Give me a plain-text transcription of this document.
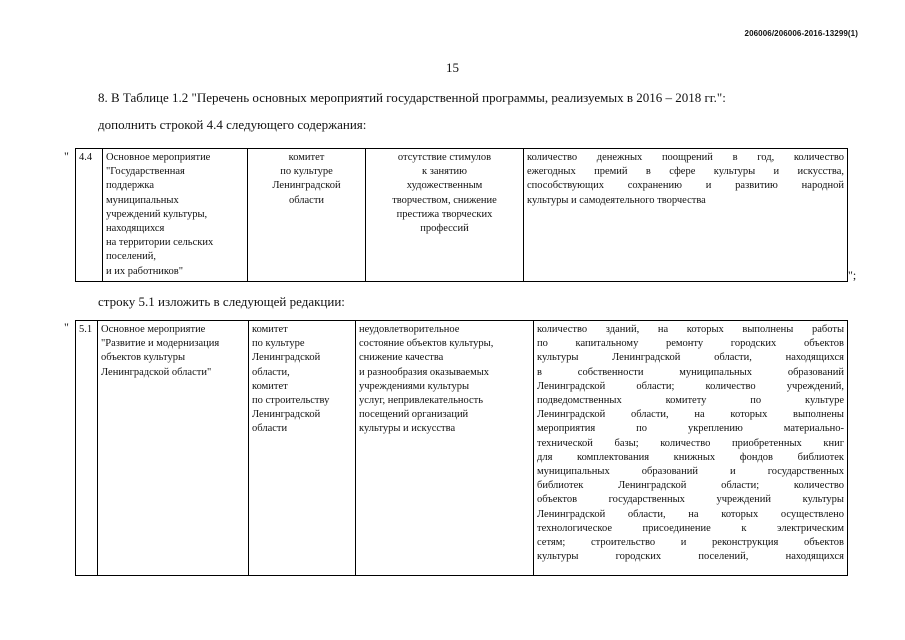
206006/206006-2016-13299(1)
15
8. В Таблице 1.2 "Перечень основных мероприятий государственной программы, реализуемых в 2016 – 2018 гг.":
дополнить строкой 4.4 следующего содержания:
" 4.4	Основное мероприятие
"Государственная
поддержка
муниципальных
учреждений культуры,
находящихся
на территории сельских
поселений,
и их работников"

комитет
по культуре
Ленинградской
области

отсутствие стимулов
к занятию
художественным
творчеством, снижение
престижа творческих
профессий

количество денежных поощрений в год, количество
ежегодных премий в сфере культуры и искусства,
способствующих сохранению и развитию народной
культуры и самодеятельного творчества
";
строку 5.1 изложить в следующей редакции:
" 5.1	Основное мероприятие
"Развитие и модернизация
объектов культуры
Ленинградской области"

комитет
по культуре
Ленинградской
области,
комитет
по строительству
Ленинградской
области

неудовлетворительное
состояние объектов культуры,
снижение качества
и разнообразия оказываемых
учреждениями культуры
услуг, непривлекательность
посещений организаций
культуры и искусства

количество зданий, на которых выполнены работы
по капитальному ремонту городских объектов
культуры Ленинградской области, находящихся
в собственности муниципальных образований
Ленинградской области; количество учреждений,
подведомственных комитету по культуре
Ленинградской области, на которых выполнены
мероприятия по укреплению материально-
технической базы; количество приобретенных книг
для комплектования книжных фондов библиотек
муниципальных образований и государственных
библиотек Ленинградской области; количество
объектов государственных учреждений культуры
Ленинградской области, на которых осуществлено
технологическое присоединение к электрическим
сетям; строительство и реконструкция объектов
культуры городских поселений, находящихся
